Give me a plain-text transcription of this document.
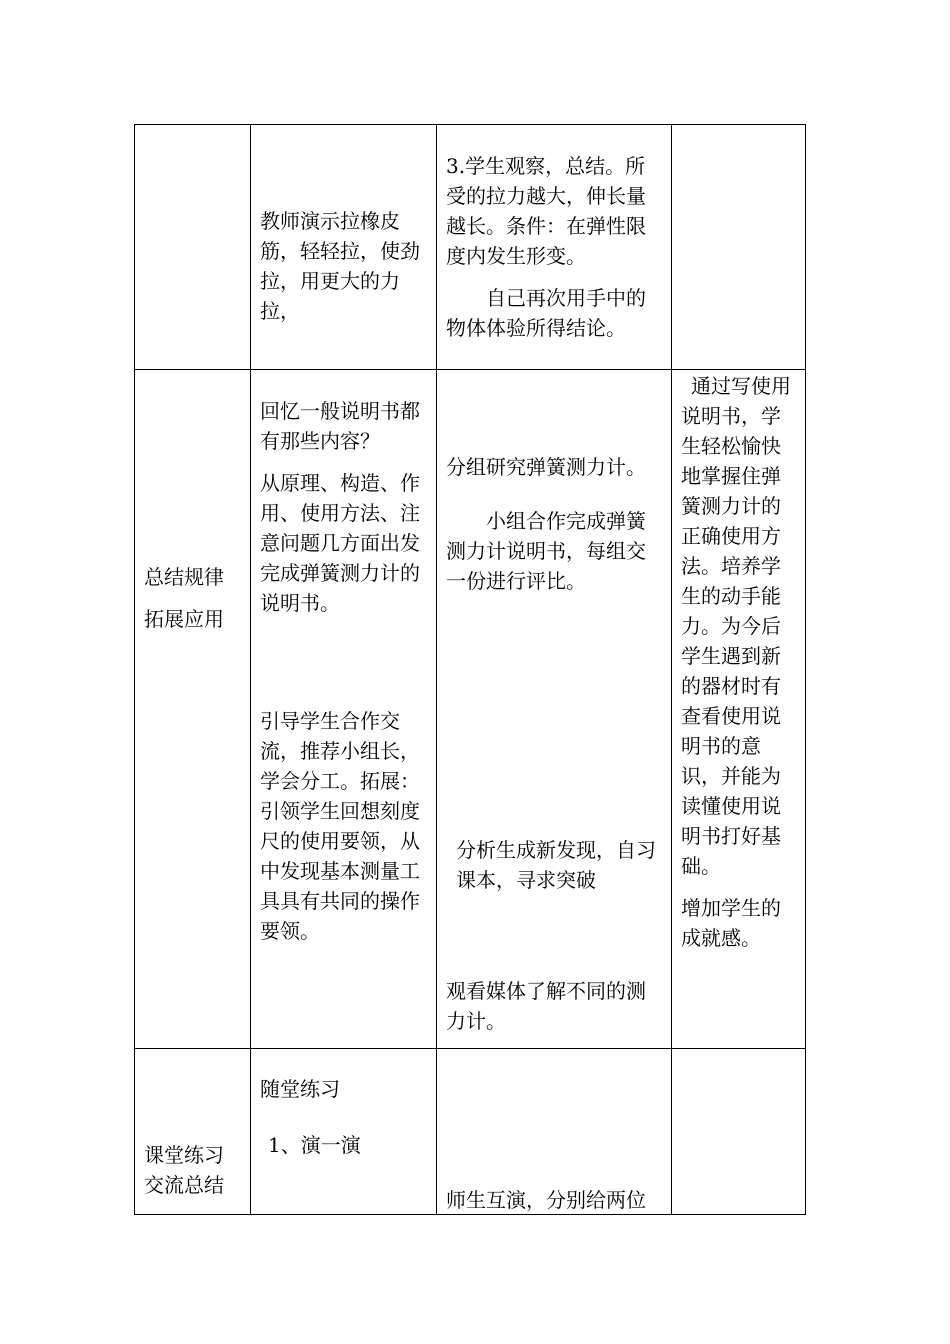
教师演示拉橡皮筋，轻轻拉，使劲拉，用更大的力拉，

3.学生观察，总结。所受的拉力越大，伸长量越长。条件：在弹性限度内发生形变。

自己再次用手中的物体体验所得结论。

总结规律

拓展应用

回忆一般说明书都有那些内容？

从原理、构造、作用、使用方法、注意问题几方面出发完成弹簧测力计的说明书。

引导学生合作交流，推荐小组长，学会分工。拓展：引领学生回想刻度尺的使用要领，从中发现基本测量工具具有共同的操作要领。

分组研究弹簧测力计。

小组合作完成弹簧测力计说明书，每组交一份进行评比。

分析生成新发现，自习课本，寻求突破

观看媒体了解不同的测力计。

通过写使用说明书，学生轻松愉快地掌握住弹簧测力计的正确使用方法。培养学生的动手能力。为今后学生遇到新的器材时有查看使用说明书的意识，并能为读懂使用说明书打好基础。

增加学生的成就感。

课堂练习

交流总结

随堂练习

1、演一演

师生互演，分别给两位
